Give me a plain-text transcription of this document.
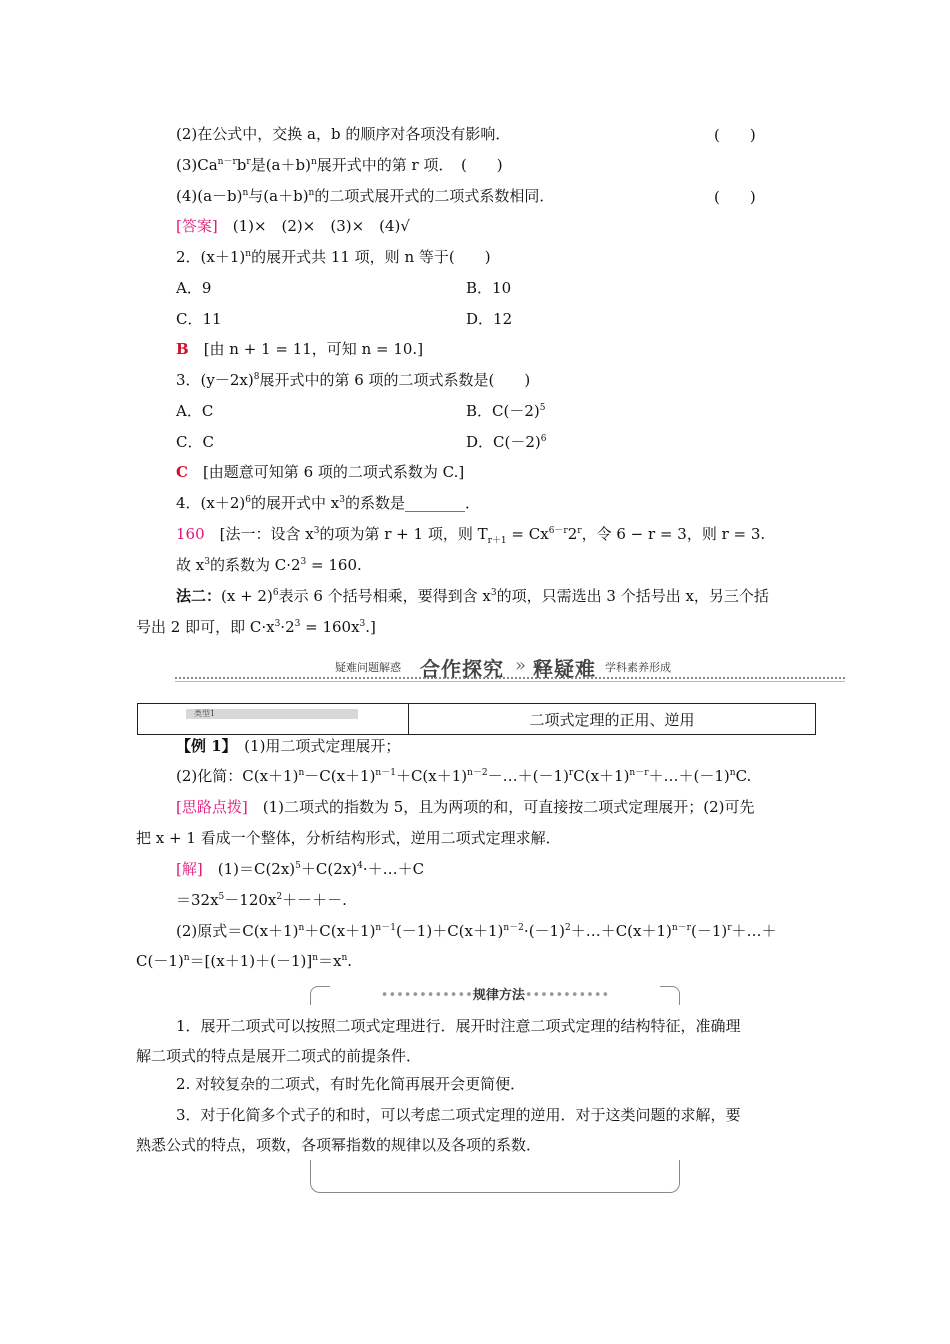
(2)在公式中，交换 a，b 的顺序对各项没有影响．	(　　)
$(3)Ca^{n-r}b^r$是$(a+b)^n$展开式中的第 r 项．　(　　)
$(4)(a-b)^n$与$(a+b)^n$的二项式展开式的二项式系数相同．	(　　)
[答案]　(1)×　(2)×　(3)×　(4)√
2．$(x+1)^n$的展开式共 11 项，则 n 等于(　　)
A．9	B．10
C．11	D．12
B　[由 n + 1 = 11，可知 n = 10.]
3．$(y-2x)^8$展开式中的第 6 项的二项式系数是(　　)
A．C	B．$C(-2)^5$
C．C	D．$C(-2)^6$
C　[由题意可知第 6 项的二项式系数为 C.]
4．$(x+2)^6$的展开式中 $x^3$的系数是________．
160　[法一：设含 $x^3$的项为第 r + 1 项，则 $T_{r+1} = Cx^{6-r}2^r$，令 6 − r = 3，则 r = 3.
故 $x^3$的系数为 $C\cdot 2^3 = 160$.
法二：$(x + 2)^6$表示 6 个括号相乘，要得到含 $x^3$的项，只需选出 3 个括号出 x，另三个括
号出 2 即可，即 $C\cdot x^3\cdot 2^3 = 160x^3$.]
疑难问题解惑 合作探究 » 释疑难 学科素养形成
类型1	二项式定理的正用、逆用
【例 1】　(1)用二项式定理展开；
(2)化简：$C(x+1)^n-C(x+1)^{n-1}+C(x+1)^{n-2}-\dots+(-1)^rC(x+1)^{n-r}+\dots+(-1)^nC$.
[思路点拨]　(1)二项式的指数为 5，且为两项的和，可直接按二项式定理展开；(2)可先
把 x + 1 看成一个整体，分析结构形式，逆用二项式定理求解．
[解]　$(1)=C(2x)^5+C(2x)^4\cdot+\dots+C$
$=32x^5-120x^2+-+-$.
(2)原式$=C(x+1)^n+C(x+1)^{n-1}(-1)+C(x+1)^{n-2}\cdot(-1)^2+\dots+C(x+1)^{n-r}(-1)^r+\dots+$
$C(-1)^n=[(x+1)+(-1)]^n=x^n$.
••••••••••••规律方法•••••••••••
1．展开二项式可以按照二项式定理进行．展开时注意二项式定理的结构特征，准确理
解二项式的特点是展开二项式的前提条件．
2. 对较复杂的二项式，有时先化简再展开会更简便．
3．对于化简多个式子的和时，可以考虑二项式定理的逆用．对于这类问题的求解，要
熟悉公式的特点，项数，各项幂指数的规律以及各项的系数．
